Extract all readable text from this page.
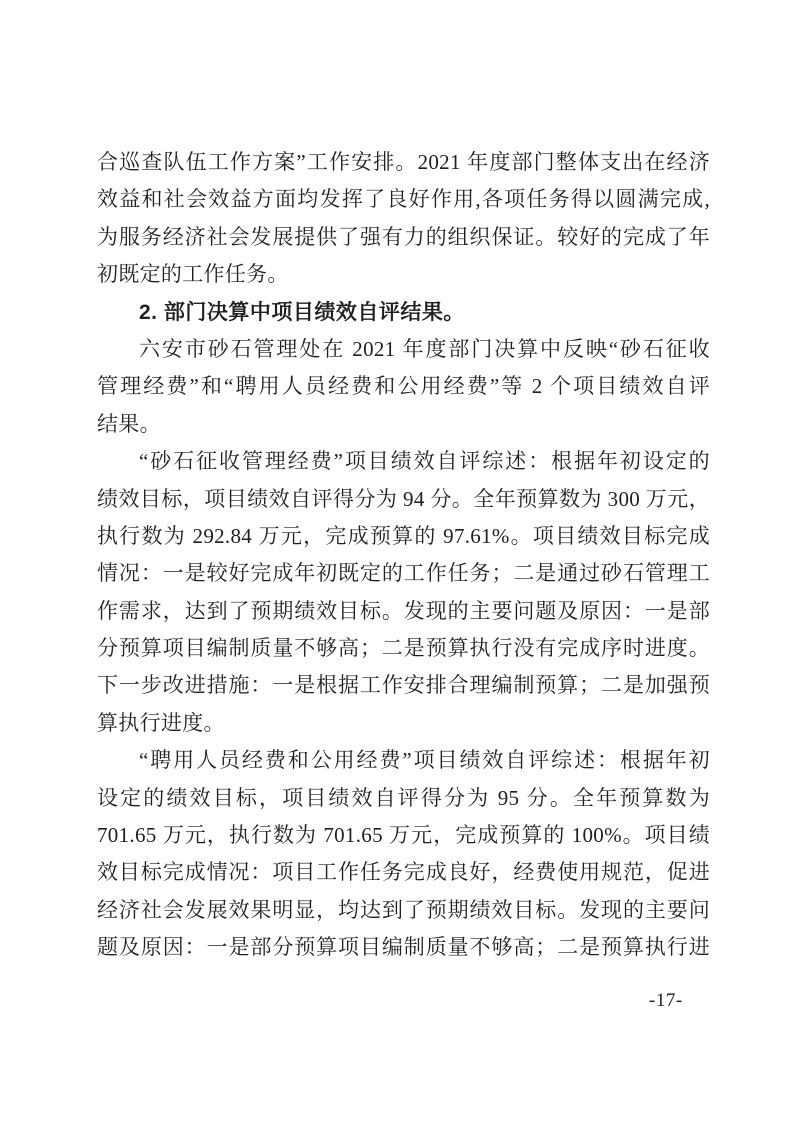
合巡查队伍工作方案”工作安排。2021 年度部门整体支出在经济
效益和社会效益方面均发挥了良好作用,各项任务得以圆满完成,
为服务经济社会发展提供了强有力的组织保证。较好的完成了年
初既定的工作任务。
2. 部门决算中项目绩效自评结果。
六安市砂石管理处在 2021 年度部门决算中反映“砂石征收
管理经费”和“聘用人员经费和公用经费”等 2 个项目绩效自评
结果。
“砂石征收管理经费”项目绩效自评综述：根据年初设定的
绩效目标，项目绩效自评得分为 94 分。全年预算数为 300 万元，
执行数为 292.84 万元，完成预算的 97.61%。项目绩效目标完成
情况：一是较好完成年初既定的工作任务；二是通过砂石管理工
作需求，达到了预期绩效目标。发现的主要问题及原因：一是部
分预算项目编制质量不够高；二是预算执行没有完成序时进度。
下一步改进措施：一是根据工作安排合理编制预算；二是加强预
算执行进度。
“聘用人员经费和公用经费”项目绩效自评综述：根据年初
设定的绩效目标，项目绩效自评得分为 95 分。全年预算数为
701.65 万元，执行数为 701.65 万元，完成预算的 100%。项目绩
效目标完成情况：项目工作任务完成良好，经费使用规范，促进
经济社会发展效果明显，均达到了预期绩效目标。发现的主要问
题及原因：一是部分预算项目编制质量不够高；二是预算执行进
-17-
